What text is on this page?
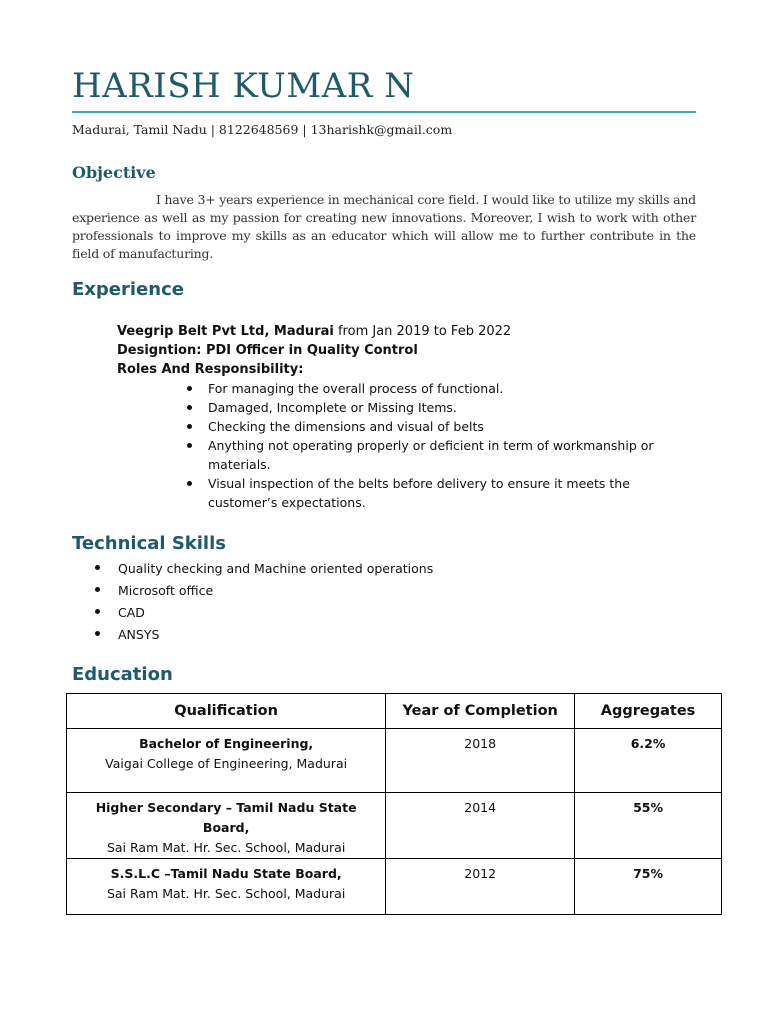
HARISH KUMAR N
Madurai, Tamil Nadu | 8122648569 | 13harishk@gmail.com
Objective

I have 3+ years experience in mechanical core field. I would like to utilize my skills and experience as well as my passion for creating new innovations. Moreover, I wish to work with other professionals to improve my skills as an educator which will allow me to further contribute in the field of manufacturing.

Experience

Veegrip Belt Pvt Ltd, Madurai from Jan 2019 to Feb 2022

Designtion: PDI Officer in Quality Control

Roles And Responsibility:

For managing the overall process of functional.
Damaged, Incomplete or Missing Items.
Checking the dimensions and visual of belts
Anything not operating properly or deficient in term of workmanship or materials.
Visual inspection of the belts before delivery to ensure it meets the customer’s expectations.
Technical Skills
Quality checking and Machine oriented operations
Microsoft office
CAD
ANSYS
Education
Qualification	Year of Completion	Aggregates

Bachelor of Engineering,
Vaigai College of Engineering, Madurai	2018	6.2%

Higher Secondary – Tamil Nadu State Board,
Sai Ram Mat. Hr. Sec. School, Madurai	2014	55%

S.S.L.C –Tamil Nadu State Board,
Sai Ram Mat. Hr. Sec. School, Madurai	2012	75%
